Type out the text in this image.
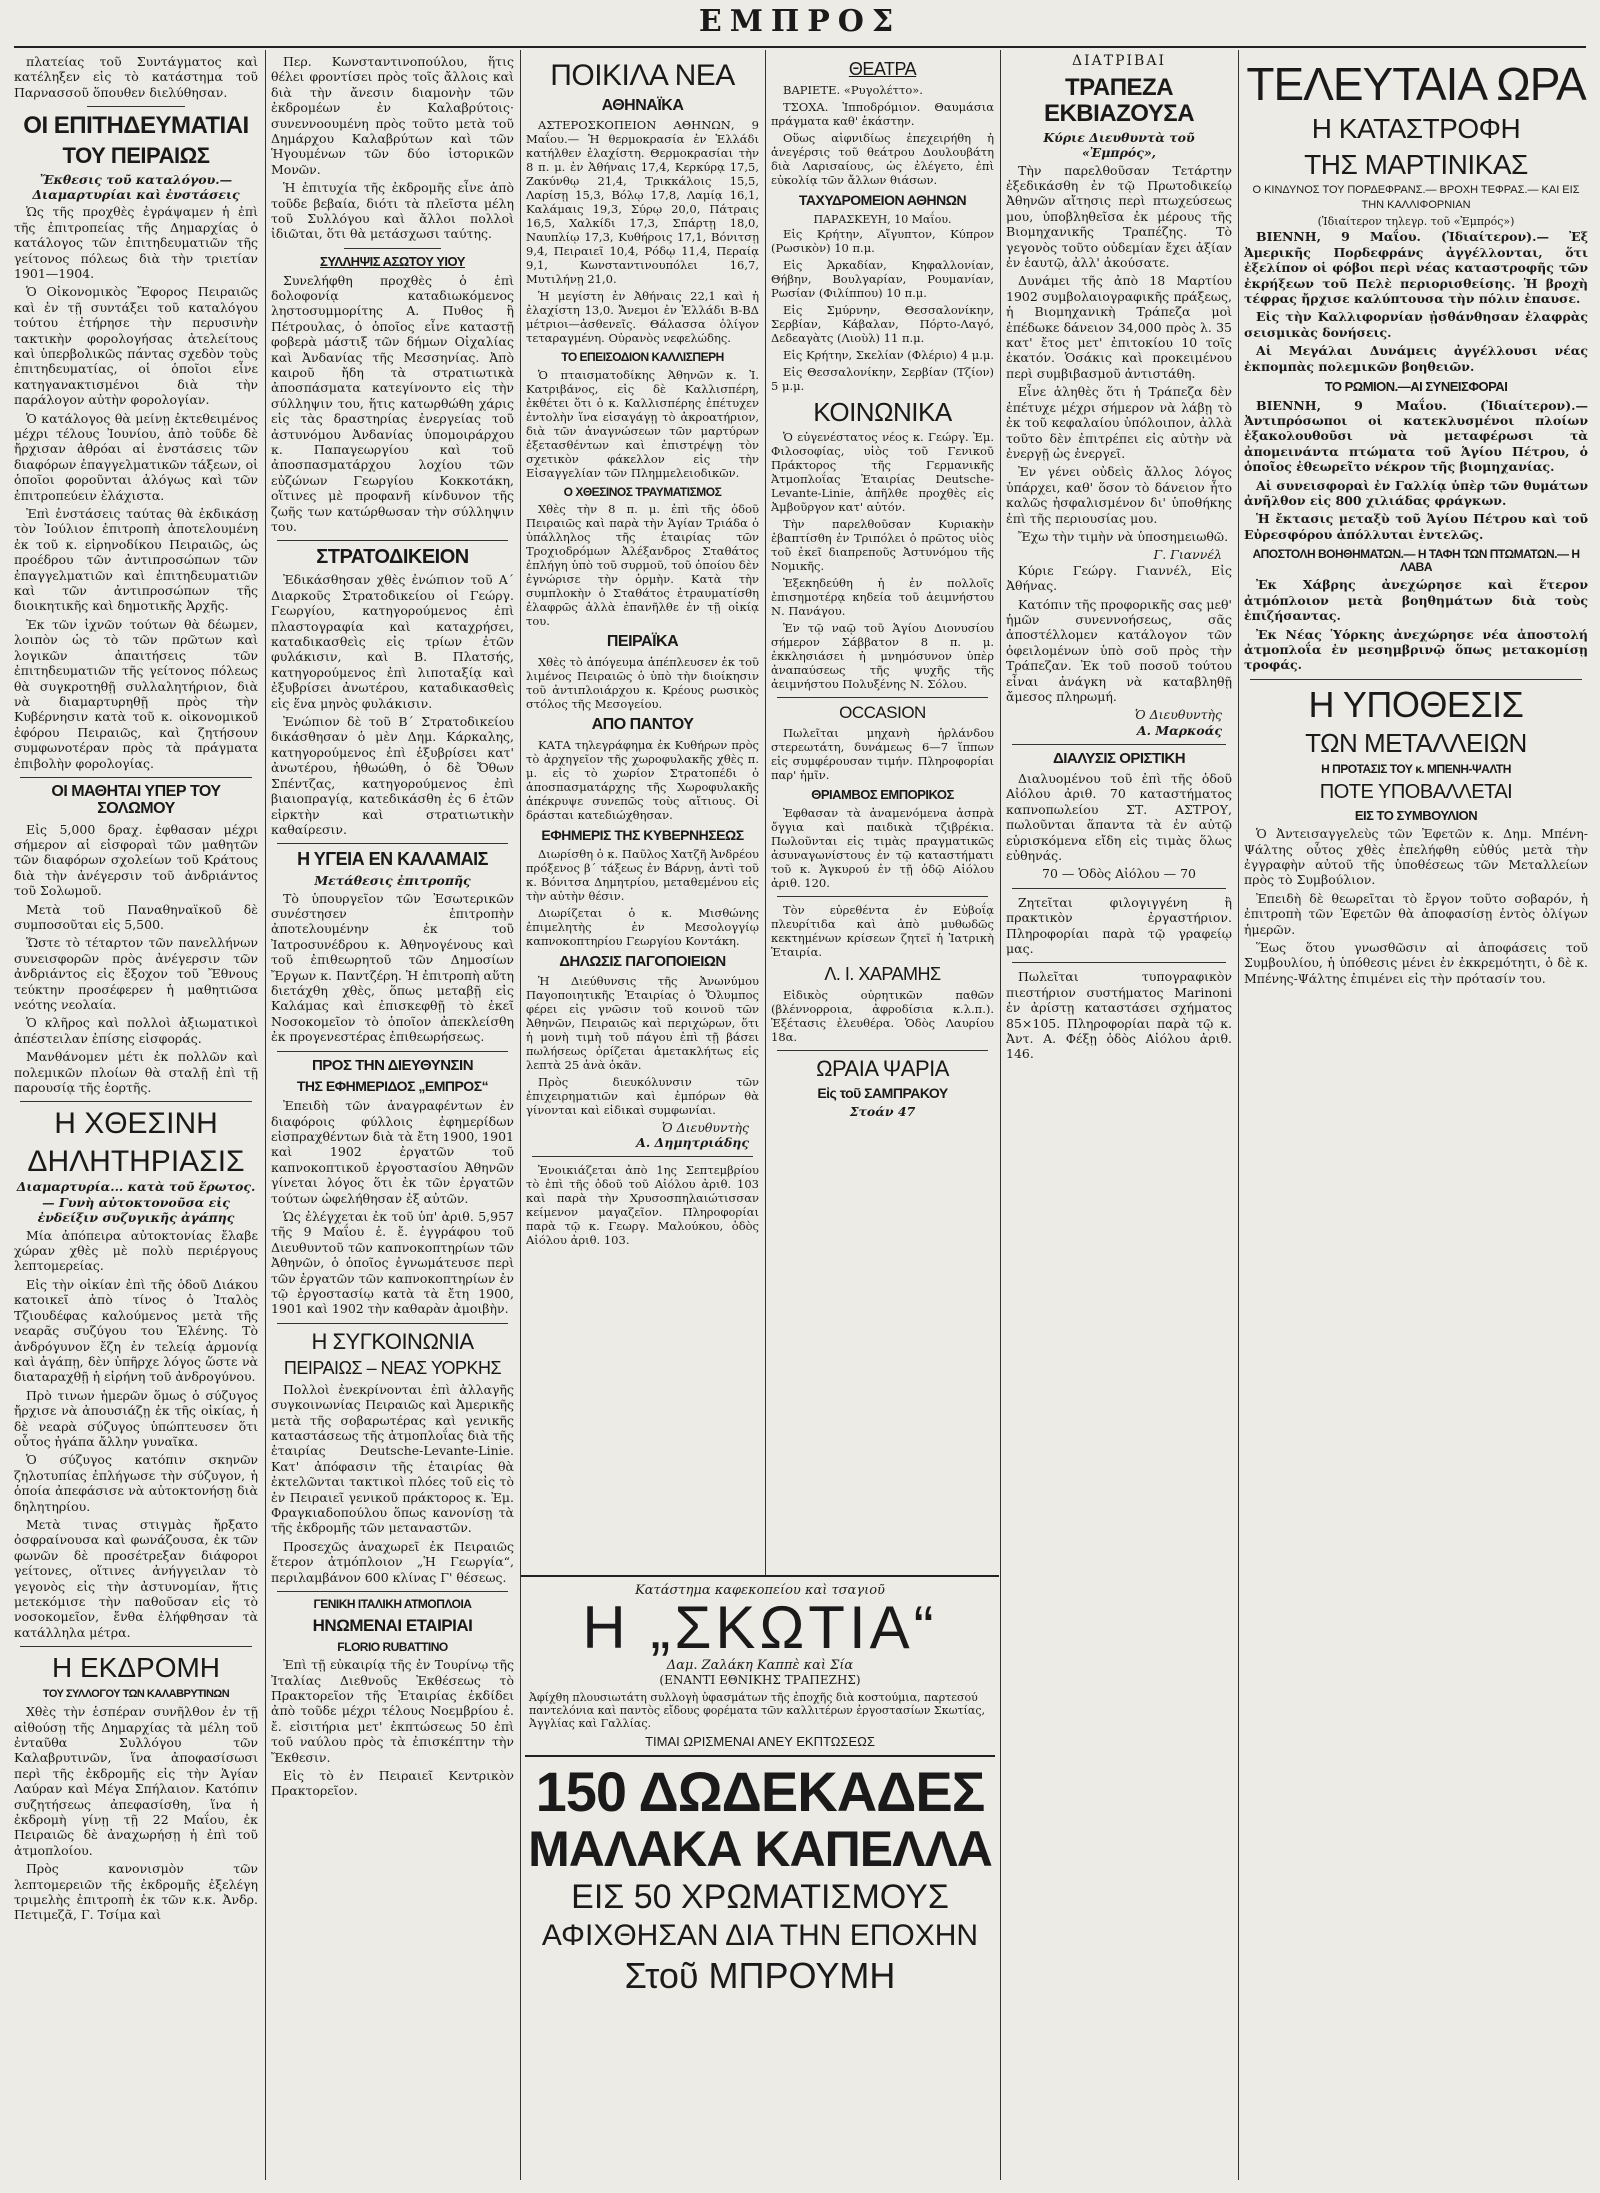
ΕΜΠΡΟΣ

πλατείας τοῦ Συντάγματος καὶ κατέληξεν εἰς τὸ κατάστημα τοῦ Παρνασσοῦ ὅπουθεν διελύθησαν.

ΟΙ ΕΠΙΤΗΔΕΥΜΑΤΙΑΙ
ΤΟΥ ΠΕΙΡΑΙΩΣ
Ἔκθεσις τοῦ καταλόγου.— Διαμαρτυρίαι καὶ ἐνστάσεις

Ὡς τῆς προχθὲς ἐγράψαμεν ἡ ἐπὶ τῆς ἐπιτροπείας τῆς Δημαρχίας ὁ κατάλογος τῶν ἐπιτηδευματιῶν τῆς γείτονος πόλεως διὰ τὴν τριετίαν 1901—1904.

Ὁ Οἰκονομικὸς Ἔφορος Πειραιῶς καὶ ἐν τῇ συντάξει τοῦ καταλόγου τούτου ἐτήρησε τὴν περυσινὴν τακτικὴν φορολογήσας ἀτελείτους καὶ ὑπερβολικῶς πάντας σχεδὸν τοὺς ἐπιτηδευματίας, οἱ ὁποῖοι εἶνε κατηγανακτισμένοι διὰ τὴν παράλογον αὐτὴν φορολογίαν.

Ὁ κατάλογος θὰ μείνῃ ἐκτεθειμένος μέχρι τέλους Ἰουνίου, ἀπὸ τοῦδε δὲ ἤρχισαν ἀθρόαι αἱ ἐνστάσεις τῶν διαφόρων ἐπαγγελματικῶν τάξεων, οἱ ὁποῖοι φοροῦνται ἀλόγως καὶ τῶν ἐπιτροπεύειν ἐλάχιστα.

Ἐπὶ ἐνστάσεις ταύτας θὰ ἐκδικάσῃ τὸν Ἰούλιον ἐπιτροπὴ ἀποτελουμένη ἐκ τοῦ κ. εἰρηνοδίκου Πειραιῶς, ὡς προέδρου τῶν ἀντιπροσώπων τῶν ἐπαγγελματιῶν καὶ ἐπιτηδευματιῶν καὶ τῶν ἀντιπροσώπων τῆς διοικητικῆς καὶ δημοτικῆς Ἀρχῆς.

Ἐκ τῶν ἰχνῶν τούτων θὰ δέωμεν, λοιπὸν ὡς τὸ τῶν πρῶτων καὶ λογικῶν ἀπαιτήσεις τῶν ἐπιτηδευματιῶν τῆς γείτονος πόλεως θὰ συγκροτηθῇ συλλαλητήριον, διὰ νὰ διαμαρτυρηθῇ πρὸς τὴν Κυβέρνησιν κατὰ τοῦ κ. οἰκονομικοῦ ἐφόρου Πειραιῶς, καὶ ζητήσουν συμφωνοτέραν πρὸς τὰ πράγματα ἐπιβολὴν φορολογίας.

ΟΙ ΜΑΘΗΤΑΙ ΥΠΕΡ ΤΟΥ ΣΟΛΩΜΟΥ

Εἰς 5,000 δραχ. ἐφθασαν μέχρι σήμερον αἱ εἰσφοραὶ τῶν μαθητῶν τῶν διαφόρων σχολείων τοῦ Κράτους διὰ τὴν ἀνέγερσιν τοῦ ἀνδριάντος τοῦ Σολωμοῦ.

Μετὰ τοῦ Παναθηναϊκοῦ δὲ συμποσοῦται εἰς 5,500.

Ὥστε τὸ τέταρτον τῶν πανελλήνων συνεισφορῶν πρὸς ἀνέγερσιν τῶν ἀνδριάντος εἰς ἔξοχον τοῦ Ἔθνους τεύκτην προσέφερεν ἡ μαθητιῶσα νεότης νεολαία.

Ὁ κλῆρος καὶ πολλοὶ ἀξιωματικοὶ ἀπέστειλαν ἐπίσης εἰσφοράς.

Μανθάνομεν μέτι ἐκ πολλῶν καὶ πολεμικῶν πλοίων θὰ σταλῇ ἐπὶ τῇ παρουσίᾳ τῆς ἑορτῆς.

Η ΧΘΕΣΙΝΗ
ΔΗΛΗΤΗΡΙΑΣΙΣ
Διαμαρτυρία... κατὰ τοῦ ἔρωτος.— Γυνὴ αὐτοκτονοῦσα εἰς ἐνδείξιν συζυγικῆς ἀγάπης

Μία ἀπόπειρα αὐτοκτονίας ἔλαβε χώραν χθὲς μὲ πολὺ περιέργους λεπτομερείας.

Εἰς τὴν οἰκίαν ἐπὶ τῆς ὁδοῦ Διάκου κατοικεῖ ἀπὸ τίνος ὁ Ἰταλὸς Τζιουδέφας καλούμενος μετὰ τῆς νεαρᾶς συζύγου του Ἑλένης. Τὸ ἀνδρόγυνον ἔζη ἐν τελείᾳ ἁρμονίᾳ καὶ ἀγάπῃ, δὲν ὑπῆρχε λόγος ὥστε νὰ διαταραχθῇ ἡ εἰρήνη τοῦ ἀνδρογύνου.

Πρὸ τινων ἡμερῶν ὅμως ὁ σύζυγος ἤρχισε νὰ ἀπουσιάζῃ ἐκ τῆς οἰκίας, ἡ δὲ νεαρὰ σύζυγος ὑπώπτευσεν ὅτι οὗτος ἠγάπα ἄλλην γυναῖκα.

Ὁ σύζυγος κατόπιν σκηνῶν ζηλοτυπίας ἐπλήγωσε τὴν σύζυγον, ἡ ὁποία ἀπεφάσισε νὰ αὐτοκτονήσῃ διὰ δηλητηρίου.

Μετὰ τινας στιγμὰς ἤρξατο ὀσφραίνουσα καὶ φωνάζουσα, ἐκ τῶν φωνῶν δὲ προσέτρεξαν διάφοροι γείτονες, οἵτινες ἀνήγγειλαν τὸ γεγονὸς εἰς τὴν ἀστυνομίαν, ἥτις μετεκόμισε τὴν παθοῦσαν εἰς τὸ νοσοκομεῖον, ἔνθα ἐλήφθησαν τὰ κατάλληλα μέτρα.

Η ΕΚΔΡΟΜΗ
ΤΟΥ ΣΥΛΛΟΓΟΥ ΤΩΝ ΚΑΛΑΒΡΥΤΙΝΩΝ

Χθὲς τὴν ἑσπέραν συνῆλθον ἐν τῇ αἰθούσῃ τῆς Δημαρχίας τὰ μέλη τοῦ ἐνταῦθα Συλλόγου τῶν Καλαβρυτινῶν, ἵνα ἀποφασίσωσι περὶ τῆς ἐκδρομῆς εἰς τὴν Ἁγίαν Λαύραν καὶ Μέγα Σπήλαιον. Κατόπιν συζητήσεως ἀπεφασίσθη, ἵνα ἡ ἐκδρομὴ γίνῃ τῇ 22 Μαΐου, ἐκ Πειραιῶς δὲ ἀναχωρήσῃ ἡ ἐπὶ τοῦ ἀτμοπλοίου.

Πρὸς κανονισμὸν τῶν λεπτομερειῶν τῆς ἐκδρομῆς ἐξελέγη τριμελὴς ἐπιτροπὴ ἐκ τῶν κ.κ. Ἀνδρ. Πετιμεζᾶ, Γ. Τσίμα καὶ

Περ. Κωνσταντινοπούλου, ἥτις θέλει φροντίσει πρὸς τοῖς ἄλλοις καὶ διὰ τὴν ἄνεσιν διαμονὴν τῶν ἐκδρομέων ἐν Καλαβρύτοις· συνεννοουμένη πρὸς τοῦτο μετὰ τοῦ Δημάρχου Καλαβρύτων καὶ τῶν Ἡγουμένων τῶν δύο ἱστορικῶν Μονῶν.

Ἡ ἐπιτυχία τῆς ἐκδρομῆς εἶνε ἀπὸ τοῦδε βεβαία, διότι τὰ πλεῖστα μέλη τοῦ Συλλόγου καὶ ἄλλοι πολλοὶ ἰδιῶται, ὅτι θὰ μετάσχωσι ταύτης.

ΣΥΛΛΗΨΙΣ ΑΣΩΤΟΥ ΥΙΟΥ

Συνελήφθη προχθὲς ὁ ἐπὶ δολοφονίᾳ καταδιωκόμενος ληστοσυμμορίτης Α. Πυθος ἢ Πέτρουλας, ὁ ὁποῖος εἶνε καταστῇ φοβερὰ μάστιξ τῶν δήμων Οἰχαλίας καὶ Ἀνδανίας τῆς Μεσσηνίας. Ἀπὸ καιροῦ ἤδη τὰ στρατιωτικὰ ἀποσπάσματα κατεγίνοντο εἰς τὴν σύλληψιν του, ἥτις κατωρθώθη χάρις εἰς τὰς δραστηρίας ἐνεργείας τοῦ ἀστυνόμου Ἀνδανίας ὑπομοιράρχου κ. Παπαγεωργίου καὶ τοῦ ἀποσπασματάρχου λοχίου τῶν εὐζώνων Γεωργίου Κοκκοτάκη, οἵτινες μὲ προφανῆ κίνδυνον τῆς ζωῆς των κατώρθωσαν τὴν σύλληψιν του.

ΣΤΡΑΤΟΔΙΚΕΙΟΝ

Ἐδικάσθησαν χθὲς ἐνώπιον τοῦ Α΄ Διαρκοῦς Στρατοδικείου οἱ Γεώργ. Γεωργίου, κατηγορούμενος ἐπὶ πλαστογραφία καὶ καταχρήσει, καταδικασθεὶς εἰς τρίων ἐτῶν φυλάκισιν, καὶ Β. Πλατσής, κατηγορούμενος ἐπὶ λιποταξίᾳ καὶ ἐξυβρίσει ἀνωτέρου, καταδικασθεὶς εἰς ἕνα μηνὸς φυλάκισιν.

Ἐνώπιον δὲ τοῦ Β΄ Στρατοδικείου δικάσθησαν ὁ μὲν Δημ. Κάρκαλης, κατηγορούμενος ἐπὶ ἐξυβρίσει κατ' ἀνωτέρου, ἠθωώθη, ὁ δὲ Ὄθων Σπέντζας, κατηγορούμενος ἐπὶ βιαιοπραγίᾳ, κατεδικάσθη ἐς 6 ἐτῶν εἰρκτὴν καὶ στρατιωτικὴν καθαίρεσιν.

Η ΥΓΕΙΑ ΕΝ ΚΑΛΑΜΑΙΣ
Μετάθεσις ἐπιτροπῆς

Τὸ ὑπουργεῖον τῶν Ἐσωτερικῶν συνέστησεν ἐπιτροπὴν ἀποτελουμένην ἐκ τοῦ Ἰατροσυνέδρου κ. Ἀθηνογένους καὶ τοῦ ἐπιθεωρητοῦ τῶν Δημοσίων Ἔργων κ. Παντζέρη. Ἡ ἐπιτροπὴ αὕτη διετάχθη χθὲς, ὅπως μεταβῇ εἰς Καλάμας καὶ ἐπισκεφθῇ τὸ ἐκεῖ Νοσοκομεῖον τὸ ὁποῖον ἀπεκλείσθη ἐκ προγενεστέρας ἐπιθεωρήσεως.

ΠΡΟΣ ΤΗΝ ΔΙΕΥΘΥΝΣΙΝ
ΤΗΣ ΕΦΗΜΕΡΙΔΟΣ „ΕΜΠΡΟΣ“

Ἐπειδὴ τῶν ἀναγραφέντων ἐν διαφόροις φύλλοις ἐφημερίδων εἰσπραχθέντων διὰ τὰ ἔτη 1900, 1901 καὶ 1902 ἐργατῶν τοῦ καπνοκοπτικοῦ ἐργοστασίου Ἀθηνῶν γίνεται λόγος ὅτι ἐκ τῶν ἐργατῶν τούτων ὠφελήθησαν ἐξ αὐτῶν.

Ὡς ἐλέγχεται ἐκ τοῦ ὑπ' ἀριθ. 5,957 τῆς 9 Μαΐου ἐ. ἔ. ἐγγράφου τοῦ Διευθυντοῦ τῶν καπνοκοπτηρίων τῶν Ἀθηνῶν, ὁ ὁποῖος ἐγνωμάτευσε περὶ τῶν ἐργατῶν τῶν καπνοκοπτηρίων ἐν τῷ ἐργοστασίῳ κατὰ τὰ ἔτη 1900, 1901 καὶ 1902 τὴν καθαρὰν ἀμοιβὴν.

Η ΣΥΓΚΟΙΝΩΝΙΑ
ΠΕΙΡΑΙΩΣ – ΝΕΑΣ ΥΟΡΚΗΣ

Πολλοὶ ἐνεκρίνονται ἐπὶ ἀλλαγῆς συγκοινωνίας Πειραιῶς καὶ Ἀμερικῆς μετὰ τῆς σοβαρωτέρας καὶ γενικῆς καταστάσεως τῆς ἀτμοπλοΐας διὰ τῆς ἑταιρίας Deutsche-Levante-Linie. Κατ' ἀπόφασιν τῆς ἑταιρίας θὰ ἐκτελῶνται τακτικοὶ πλόες τοῦ εἰς τὸ ἐν Πειραιεῖ γενικοῦ πράκτορος κ. Ἐμ. Φραγκιαδοπούλου ὅπως κανονίσῃ τὰ τῆς ἐκδρομῆς τῶν μεταναστῶν.

Προσεχῶς ἀναχωρεῖ ἐκ Πειραιῶς ἕτερον ἀτμόπλοιον „Ἡ Γεωργία“, περιλαμβάνον 600 κλίνας Γ' θέσεως.

ΓΕΝΙΚΗ ΙΤΑΛΙΚΗ ΑΤΜΟΠΛΟΙΑ
ΗΝΩΜΕΝΑΙ ΕΤΑΙΡΙΑΙ
FLORIO RUBATTINO

Ἐπὶ τῇ εὐκαιρίᾳ τῆς ἐν Τουρίνῳ τῆς Ἰταλίας Διεθνοῦς Ἐκθέσεως τὸ Πρακτορεῖον τῆς Ἑταιρίας ἐκδίδει ἀπὸ τοῦδε μέχρι τέλους Νοεμβρίου ἐ. ἔ. εἰσιτήρια μετ' ἐκπτώσεως 50 ἐπὶ τοῦ ναύλου πρὸς τὰ ἐπισκέπτην τὴν Ἔκθεσιν.

Εἰς τὸ ἐν Πειραιεῖ Κεντρικὸν Πρακτορεῖον.

ΠΟΙΚΙΛΑ ΝΕΑ
ΑΘΗΝΑΪΚΑ

ΑΣΤΕΡΟΣΚΟΠΕΙΟΝ ΑΘΗΝΩΝ, 9 Μαΐου.— Ἡ θερμοκρασία ἐν Ἑλλάδι κατήλθεν ἐλαχίστη. Θερμοκρασίαι τὴν 8 π. μ. ἐν Ἀθήναις 17,4, Κερκύρᾳ 17,5, Ζακύνθῳ 21,4, Τρικκάλοις 15,5, Λαρίσῃ 15,3, Βόλῳ 17,8, Λαμίᾳ 16,1, Καλάμαις 19,3, Σύρῳ 20,0, Πάτραις 16,5, Χαλκίδι 17,3, Σπάρτῃ 18,0, Ναυπλίῳ 17,3, Κυθήροις 17,1, Βόνιτσῃ 9,4, Πειραιεῖ 10,4, Ρόδῳ 11,4, Περαίᾳ 9,1, Κωνσταντινουπόλει 16,7, Μυτιλήνῃ 21,0.

Ἡ μεγίστη ἐν Ἀθήναις 22,1 καὶ ἡ ἐλαχίστη 13,0. Ἄνεμοι ἐν Ἑλλάδι Β-ΒΔ μέτριοι—ἀσθενεῖς. Θάλασσα ὀλίγον τεταραγμένη. Οὐρανὸς νεφελώδης.

ΤΟ ΕΠΕΙΣΟΔΙΟΝ ΚΑΛΛΙΣΠΕΡΗ

Ὁ πταισματοδίκης Ἀθηνῶν κ. Ἰ. Κατριβάνος, εἰς δὲ Καλλισπέρη, ἐκθέτει ὅτι ὁ κ. Καλλισπέρης ἐπέτυχεν ἐντολὴν ἵνα εἰσαγάγῃ τὸ ἀκροατήριον, διὰ τῶν ἀναγνώσεων τῶν μαρτύρων ἐξετασθέντων καὶ ἐπιστρέψῃ τὸν σχετικὸν φάκελλον εἰς τὴν Εἰσαγγελίαν τῶν Πλημμελειοδικῶν.

Ο ΧΘΕΣΙΝΟΣ ΤΡΑΥΜΑΤΙΣΜΟΣ

Χθὲς τὴν 8 π. μ. ἐπὶ τῆς ὁδοῦ Πειραιῶς καὶ παρὰ τὴν Ἁγίαν Τριάδα ὁ ὑπάλληλος τῆς ἑταιρίας τῶν Τροχιοδρόμων Ἀλέξανδρος Σταθάτος ἐπλήγη ὑπὸ τοῦ συρμοῦ, τοῦ ὁποίου δὲν ἐγνώρισε τὴν ὁρμὴν. Κατὰ τὴν συμπλοκὴν ὁ Σταθάτος ἐτραυματίσθη ἐλαφρῶς ἀλλὰ ἐπανῆλθε ἐν τῇ οἰκίᾳ του.

ΠΕΙΡΑΪΚΑ

Χθὲς τὸ ἀπόγευμα ἀπέπλευσεν ἐκ τοῦ λιμένος Πειραιῶς ὁ ὑπὸ τὴν διοίκησιν τοῦ ἀντιπλοιάρχου κ. Κρέους ρωσικὸς στόλος τῆς Μεσογείου.

ΑΠΟ ΠΑΝΤΟΥ

ΚΑΤΑ τηλεγράφημα ἐκ Κυθήρων πρὸς τὸ ἀρχηγεῖον τῆς χωροφυλακῆς χθὲς π. μ. εἰς τὸ χωρίον Στρατοπέδι ὁ ἀποσπασματάρχης τῆς Χωροφυλακῆς ἀπέκρυψε συνεπῶς τοὺς αἴτιους. Οἱ δράσται κατεδιώχθησαν.

ΕΦΗΜΕΡΙΣ ΤΗΣ ΚΥΒΕΡΝΗΣΕΩΣ

Διωρίσθη ὁ κ. Παῦλος Χατζῆ Ἀνδρέου πρόξενος β΄ τάξεως ἐν Βάρνῃ, ἀντὶ τοῦ κ. Βόνιτσα Δημητρίου, μεταθεμένου εἰς τὴν αὐτὴν θέσιν.

Διωρίζεται ὁ κ. Μισθώνης ἐπιμελητὴς ἐν Μεσολογγίῳ καπνοκοπτηρίου Γεωργίου Κοντάκη.

ΔΗΛΩΣΙΣ ΠΑΓΟΠΟΙΕΙΩΝ

Ἡ Διεύθυνσις τῆς Ἀνωνύμου Παγοποιητικῆς Ἑταιρίας ὁ Ὄλυμπος φέρει εἰς γνῶσιν τοῦ κοινοῦ τῶν Ἀθηνῶν, Πειραιῶς καὶ περιχώρων, ὅτι ἡ μονὴ τιμὴ τοῦ πάγου ἐπὶ τῇ βάσει πωλήσεως ὁρίζεται ἀμετακλήτως εἰς λεπτὰ 25 ἀνὰ ὀκᾶν.

Πρὸς διευκόλυνσιν τῶν ἐπιχειρηματιῶν καὶ ἐμπόρων θὰ γίνονται καὶ εἰδικαὶ συμφωνίαι.

Ὁ Διευθυντὴς
Α. Δημητριάδης

Ἐνοικιάζεται ἀπὸ 1ης Σεπτεμβρίου τὸ ἐπὶ τῆς ὁδοῦ τοῦ Αἰόλου ἀριθ. 103 καὶ παρὰ τὴν Χρυσοσπηλαιώτισσαν κείμενον μαγαζεῖον. Πληροφορίαι παρὰ τῷ κ. Γεωργ. Μαλούκου, ὁδὸς Αἰόλου ἀριθ. 103.

ΘΕΑΤΡΑ

ΒΑΡΙΕΤΕ. «Ρυγολέττο».

ΤΣΟΧΑ. Ἱπποδρόμιον. Θαυμάσια πράγματα καθ' ἑκάστην.

Οὕως αἰφνιδίως ἐπεχειρήθη ἡ ἀνεγέρσις τοῦ θεάτρου Δουλουβάτη διὰ Λαρισαίους, ὡς ἐλέγετο, ἐπὶ εὐκολίᾳ τῶν ἄλλων θιάσων.

ΤΑΧΥΔΡΟΜΕΙΟΝ ΑΘΗΝΩΝ
ΠΑΡΑΣΚΕΥΗ, 10 Μαΐου.

Εἰς Κρήτην, Αἴγυπτον, Κύπρον (Ρωσικὸν) 10 π.μ.

Εἰς Ἀρκαδίαν, Κηφαλλονίαν, Θήβην, Βουλγαρίαν, Ρουμανίαν, Ρωσίαν (Φιλίππου) 10 π.μ.

Εἰς Σμύρνην, Θεσσαλονίκην, Σερβίαν, Κάβαλαν, Πόρτο-Λαγό, Δεδεαγὰτς (Λιοὺλ) 11 π.μ.

Εἰς Κρήτην, Σκελίαν (Φλέριο) 4 μ.μ.

Εἰς Θεσσαλονίκην, Σερβίαν (Τζίον) 5 μ.μ.

ΚΟΙΝΩΝΙΚΑ

Ὁ εὐγενέστατος νέος κ. Γεώργ. Ἐμ. Φιλοσοφίας, υἱὸς τοῦ Γενικοῦ Πράκτορος τῆς Γερμανικῆς Ἀτμοπλοΐας Ἑταιρίας Deutsche-Levante-Linie, ἀπῆλθε προχθὲς εἰς Ἀμβοῦργον κατ' αὐτόν.

Τὴν παρελθοῦσαν Κυριακὴν ἐβαπτίσθη ἐν Τριπόλει ὁ πρῶτος υἱὸς τοῦ ἐκεῖ διαπρεποῦς Ἀστυνόμου τῆς Νομικῆς.

Ἐξεκηδεύθη ἡ ἐν πολλοῖς ἐπισημοτέρᾳ κηδεία τοῦ ἀειμνήστου Ν. Πανάγου.

Ἐν τῷ ναῷ τοῦ Ἁγίου Διονυσίου σήμερον Σάββατον 8 π. μ. ἐκκλησιάσει ἡ μνημόσυνον ὑπὲρ ἀναπαύσεως τῆς ψυχῆς τῆς ἀειμνήστου Πολυξένης Ν. Σόλου.

OCCASION

Πωλεῖται μηχανὴ ἠρλάνδου στερεωτάτη, δυνάμεως 6—7 ἵππων εἰς συμφέρουσαν τιμήν. Πληροφορίαι παρ' ἡμῖν.

ΘΡΙΑΜΒΟΣ ΕΜΠΟΡΙΚΟΣ

Ἐφθασαν τὰ ἀναμενόμενα ἀσπρὰ ὄγγια καὶ παιδικὰ τζιβρέκια. Πωλοῦνται εἰς τιμὰς πραγματικῶς ἀσυναγωνίστους ἐν τῷ καταστήματι τοῦ κ. Ἀγκυρού ἐν τῇ ὁδῷ Αἰόλου ἀριθ. 120.

Τὸν εὐρεθέντα ἐν Εὐβοΐᾳ πλευρίτιδα καὶ ἀπὸ μυθωδῶς κεκτημένων κρίσεων ζητεῖ ἡ Ἰατρικὴ Ἑταιρία.

Λ. Ι. ΧΑΡΑΜΗΣ

Εἰδικὸς οὐρητικῶν παθῶν (βλέννορροια, ἀφροδίσια κ.λ.π.). Ἐξέτασις ἐλευθέρα. Ὁδὸς Λαυρίου 18α.

ΩΡΑΙΑ ΨΑΡΙΑ
Εἰς τοῦ ΣΑΜΠΡΑΚΟΥ
Στοάν 47
ΔΙΑΤΡΙΒΑΙ
ΤΡΑΠΕΖΑ ΕΚΒΙΑΖΟΥΣΑ
Κύριε Διευθυντὰ τοῦ «Ἐμπρός»,

Τὴν παρελθοῦσαν Τετάρτην ἐξεδικάσθη ἐν τῷ Πρωτοδικείῳ Ἀθηνῶν αἴτησις περὶ πτωχεύσεως μου, ὑποβληθεῖσα ἐκ μέρους τῆς Βιομηχανικῆς Τραπέζης. Τὸ γεγονὸς τοῦτο οὐδεμίαν ἔχει ἀξίαν ἐν ἑαυτῷ, ἀλλ' ἀκούσατε.

Δυνάμει τῆς ἀπὸ 18 Μαρτίου 1902 συμβολαιογραφικῆς πράξεως, ἡ Βιομηχανικὴ Τράπεζα μοὶ ἐπέδωκε δάνειον 34,000 πρὸς λ. 35 κατ' ἔτος μετ' ἐπιτοκίου 10 τοῖς ἑκατόν. Ὁσάκις καὶ προκειμένου περὶ συμβιβασμοῦ ἀντιστάθη.

Εἶνε ἀληθὲς ὅτι ἡ Τράπεζα δὲν ἐπέτυχε μέχρι σήμερον νὰ λάβῃ τὸ ἐκ τοῦ κεφαλαίου ὑπόλοιπον, ἀλλὰ τοῦτο δὲν ἐπιτρέπει εἰς αὐτὴν νὰ ἐνεργῇ ὡς ἐνεργεῖ.

Ἐν γένει οὐδεὶς ἄλλος λόγος ὑπάρχει, καθ' ὅσον τὸ δάνειον ἦτο καλῶς ἠσφαλισμένον δι' ὑποθήκης ἐπὶ τῆς περιουσίας μου.

Ἔχω τὴν τιμὴν νὰ ὑποσημειωθῶ.

Γ. Γιαννέλ

Κύριε Γεώργ. Γιαννέλ, Εἰς Ἀθήνας.

Κατόπιν τῆς προφορικῆς σας μεθ' ἡμῶν συνεννοήσεως, σᾶς ἀποστέλλομεν κατάλογον τῶν ὀφειλομένων ὑπὸ σοῦ πρὸς τὴν Τράπεζαν. Ἐκ τοῦ ποσοῦ τούτου εἶναι ἀνάγκη νὰ καταβληθῇ ἄμεσος πληρωμή.

Ὁ Διευθυντὴς
Α. Μαρκοάς
ΔΙΑΛΥΣΙΣ ΟΡΙΣΤΙΚΗ

Διαλυομένου τοῦ ἐπὶ τῆς ὁδοῦ Αἰόλου ἀριθ. 70 καταστήματος καπνοπωλείου ΣΤ. ΑΣΤΡΟΥ, πωλοῦνται ἅπαντα τὰ ἐν αὐτῷ εὑρισκόμενα εἴδη εἰς τιμὰς ὅλως εὐθηνάς.

70 — Ὁδὸς Αἰόλου — 70

Ζητεῖται φιλογιγγένη ἢ πρακτικὸν ἐργαστήριον. Πληροφορίαι παρὰ τῷ γραφείῳ μας.

Πωλεῖται τυπογραφικὸν πιεστήριον συστήματος Marinoni ἐν ἀρίστῃ καταστάσει σχήματος 85×105. Πληροφορίαι παρὰ τῷ κ. Ἀντ. Α. Φέξῃ ὁδὸς Αἰόλου ἀριθ. 146.

ΤΕΛΕΥΤΑΙΑ ΩΡΑ
Η ΚΑΤΑΣΤΡΟΦΗ
ΤΗΣ ΜΑΡΤΙΝΙΚΑΣ
Ο ΚΙΝΔΥΝΟΣ ΤΟΥ ΠΟΡΔΕΦΡΑΝΣ.— ΒΡΟΧΗ ΤΕΦΡΑΣ.— ΚΑΙ ΕΙΣ ΤΗΝ ΚΑΛΛΙΦΟΡΝΙΑΝ
(Ἰδιαίτερον τηλεγρ. τοῦ «Ἐμπρός»)

ΒΙΕΝΝΗ, 9 Μαΐου. (Ἰδιαίτερον).— Ἐξ Ἀμερικῆς Πορδεφράνς ἀγγέλλονται, ὅτι ἐξελίπον οἱ φόβοι περὶ νέας καταστροφῆς τῶν ἐκρήξεων τοῦ Πελὲ περιορισθείσης. Ἡ βροχὴ τέφρας ἤρχισε καλύπτουσα τὴν πόλιν ἐπαυσε.

Εἰς τὴν Καλλιφορνίαν ᾐσθάνθησαν ἐλαφρὰς σεισμικὰς δονήσεις.

Αἱ Μεγάλαι Δυνάμεις ἀγγέλλουσι νέας ἐκπομπὰς πολεμικῶν βοηθειῶν.

ΤΟ ΡΩΜΙΟΝ.—ΑΙ ΣΥΝΕΙΣΦΟΡΑΙ

ΒΙΕΝΝΗ, 9 Μαΐου. (Ἰδιαίτερον).— Ἀντιπρόσωποι οἱ κατεκλυσμένοι πλοίων ἐξακολουθοῦσι νὰ μεταφέρωσι τὰ ἀπομεινάντα πτώματα τοῦ Ἁγίου Πέτρου, ὁ ὁποῖος ἐθεωρεῖτο νέκρον τῆς βιομηχανίας.

Αἱ συνεισφοραὶ ἐν Γαλλίᾳ ὑπὲρ τῶν θυμάτων ἀνῆλθον εἰς 800 χιλιάδας φράγκων.

Ἡ ἔκτασις μεταξὺ τοῦ Ἁγίου Πέτρου καὶ τοῦ Εὐρεσφόρου ἀπόλλυται ἐντελῶς.

ΑΠΟΣΤΟΛΗ ΒΟΗΘΗΜΑΤΩΝ.— Η ΤΑΦΗ ΤΩΝ ΠΤΩΜΑΤΩΝ.— Η ΛΑΒΑ

Ἐκ Χάβρης ἀνεχώρησε καὶ ἕτερον ἀτμόπλοιον μετὰ βοηθημάτων διὰ τοὺς ἐπιζήσαντας.

Ἐκ Νέας Ὑόρκης ἀνεχώρησε νέα ἀποστολή ἀτμοπλοΐα ἐν μεσημβρινῷ ὅπως μετακομίσῃ τροφάς.

Η ΥΠΟΘΕΣΙΣ
ΤΩΝ ΜΕΤΑΛΛΕΙΩΝ
Η ΠΡΟΤΑΣΙΣ ΤΟΥ κ. ΜΠΕΝΗ-ΨΑΛΤΗ
ΠΟΤΕ ΥΠΟΒΑΛΛΕΤΑΙ
ΕΙΣ ΤΟ ΣΥΜΒΟΥΛΙΟΝ

Ὁ Ἀντεισαγγελεὺς τῶν Ἐφετῶν κ. Δημ. Μπένη-Ψάλτης οὗτος χθὲς ἐπελήφθη εὐθύς μετὰ τὴν ἐγγραφὴν αὐτοῦ τῆς ὑποθέσεως τῶν Μεταλλείων πρὸς τὸ Συμβούλιον.

Ἐπειδὴ δὲ θεωρεῖται τὸ ἔργον τοῦτο σοβαρόν, ἡ ἐπιτροπὴ τῶν Ἐφετῶν θὰ ἀποφασίσῃ ἐντὸς ὀλίγων ἡμερῶν.

Ἕως ὅτου γνωσθῶσιν αἱ ἀποφάσεις τοῦ Συμβουλίου, ἡ ὑπόθεσις μένει ἐν ἐκκρεμότητι, ὁ δὲ κ. Μπένης-Ψάλτης ἐπιμένει εἰς τὴν πρότασίν του.

Κατάστημα καφεκοπείου καὶ τσαγιοῦ
Η „ΣΚΩΤΙΑ“
Δαμ. Ζαλάκη Καππὲ καὶ Σία
(ΕΝΑΝΤΙ ΕΘΝΙΚΗΣ ΤΡΑΠΕΖΗΣ)

Ἀφίχθη πλουσιωτάτη συλλογὴ ὑφασμάτων τῆς ἐποχῆς διὰ κοστούμια, παρτεσού παντελόνια καὶ παντὸς εἴδους φορέματα τῶν καλλιτέρων ἐργοστασίων Σκωτίας, Ἀγγλίας καὶ Γαλλίας.

ΤΙΜΑΙ ΩΡΙΣΜΕΝΑΙ ΑΝΕΥ ΕΚΠΤΩΣΕΩΣ
150 ΔΩΔΕΚΑΔΕΣ
ΜΑΛΑΚΑ ΚΑΠΕΛΛΑ
ΕΙΣ 50 ΧΡΩΜΑΤΙΣΜΟΥΣ
ΑΦΙΧΘΗΣΑΝ ΔΙΑ ΤΗΝ ΕΠΟΧΗΝ
Στοῦ ΜΠΡΟΥΜΗ
